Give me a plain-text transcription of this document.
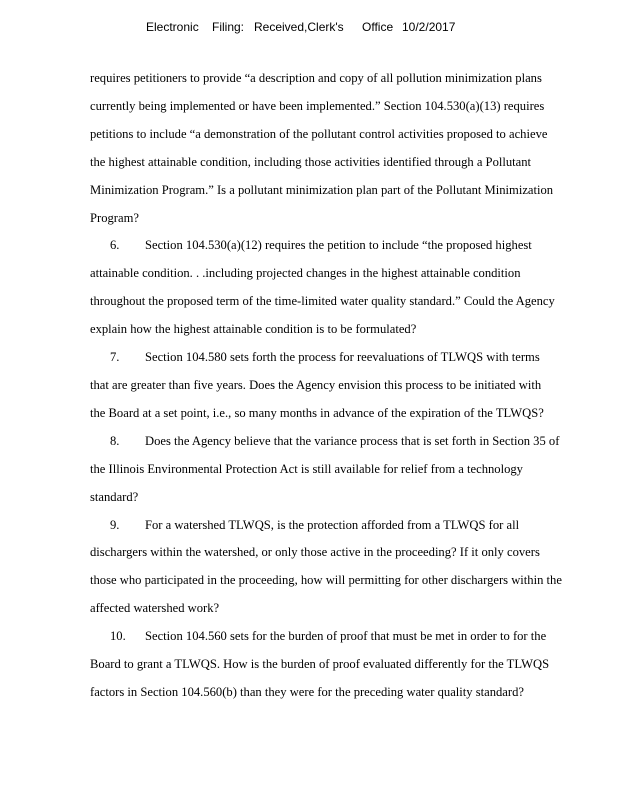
Electronic Filing: Received,Clerk's Office 10/2/2017
requires petitioners to provide “a description and copy of all pollution minimization plans
currently being implemented or have been implemented.” Section 104.530(a)(13) requires
petitions to include “a demonstration of the pollutant control activities proposed to achieve
the highest attainable condition, including those activities identified through a Pollutant
Minimization Program.” Is a pollutant minimization plan part of the Pollutant Minimization
Program?
6. Section 104.530(a)(12) requires the petition to include “the proposed highest
attainable condition. . .including projected changes in the highest attainable condition
throughout the proposed term of the time-limited water quality standard.” Could the Agency
explain how the highest attainable condition is to be formulated?
7. Section 104.580 sets forth the process for reevaluations of TLWQS with terms
that are greater than five years. Does the Agency envision this process to be initiated with
the Board at a set point, i.e., so many months in advance of the expiration of the TLWQS?
8. Does the Agency believe that the variance process that is set forth in Section 35 of
the Illinois Environmental Protection Act is still available for relief from a technology
standard?
9. For a watershed TLWQS, is the protection afforded from a TLWQS for all
dischargers within the watershed, or only those active in the proceeding? If it only covers
those who participated in the proceeding, how will permitting for other dischargers within the
affected watershed work?
10. Section 104.560 sets for the burden of proof that must be met in order to for the
Board to grant a TLWQS. How is the burden of proof evaluated differently for the TLWQS
factors in Section 104.560(b) than they were for the preceding water quality standard?
